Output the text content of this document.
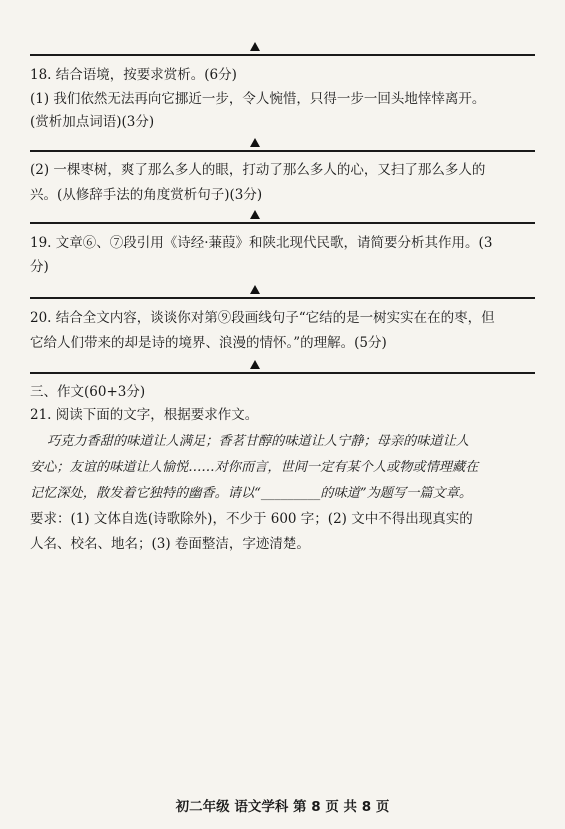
18. 结合语境，按要求赏析。(6分)
(1) 我们依然无法再向它挪近一步，令人惋惜，只得一步一回头地悻悻离开。
(赏析加点词语)(3分)
(2) 一棵枣树，爽了那么多人的眼，打动了那么多人的心，又扫了那么多人的
兴。(从修辞手法的角度赏析句子)(3分)
19. 文章⑥、⑦段引用《诗经·蒹葭》和陕北现代民歌，请简要分析其作用。(3
分)
20. 结合全文内容，谈谈你对第⑨段画线句子“它结的是一树实实在在的枣，但
它给人们带来的却是诗的境界、浪漫的情怀。”的理解。(5分)
三、作文(60+3分)
21. 阅读下面的文字，根据要求作文。
巧克力香甜的味道让人满足；香茗甘醇的味道让人宁静；母亲的味道让人
安心；友谊的味道让人愉悦……对你而言，世间一定有某个人或物或情理藏在
记忆深处，散发着它独特的幽香。请以“_________的味道”为题写一篇文章。
要求：(1) 文体自选(诗歌除外)，不少于 600 字；(2) 文中不得出现真实的
人名、校名、地名；(3) 卷面整洁，字迹清楚。
初二年级 语文学科 第 8 页 共 8 页
